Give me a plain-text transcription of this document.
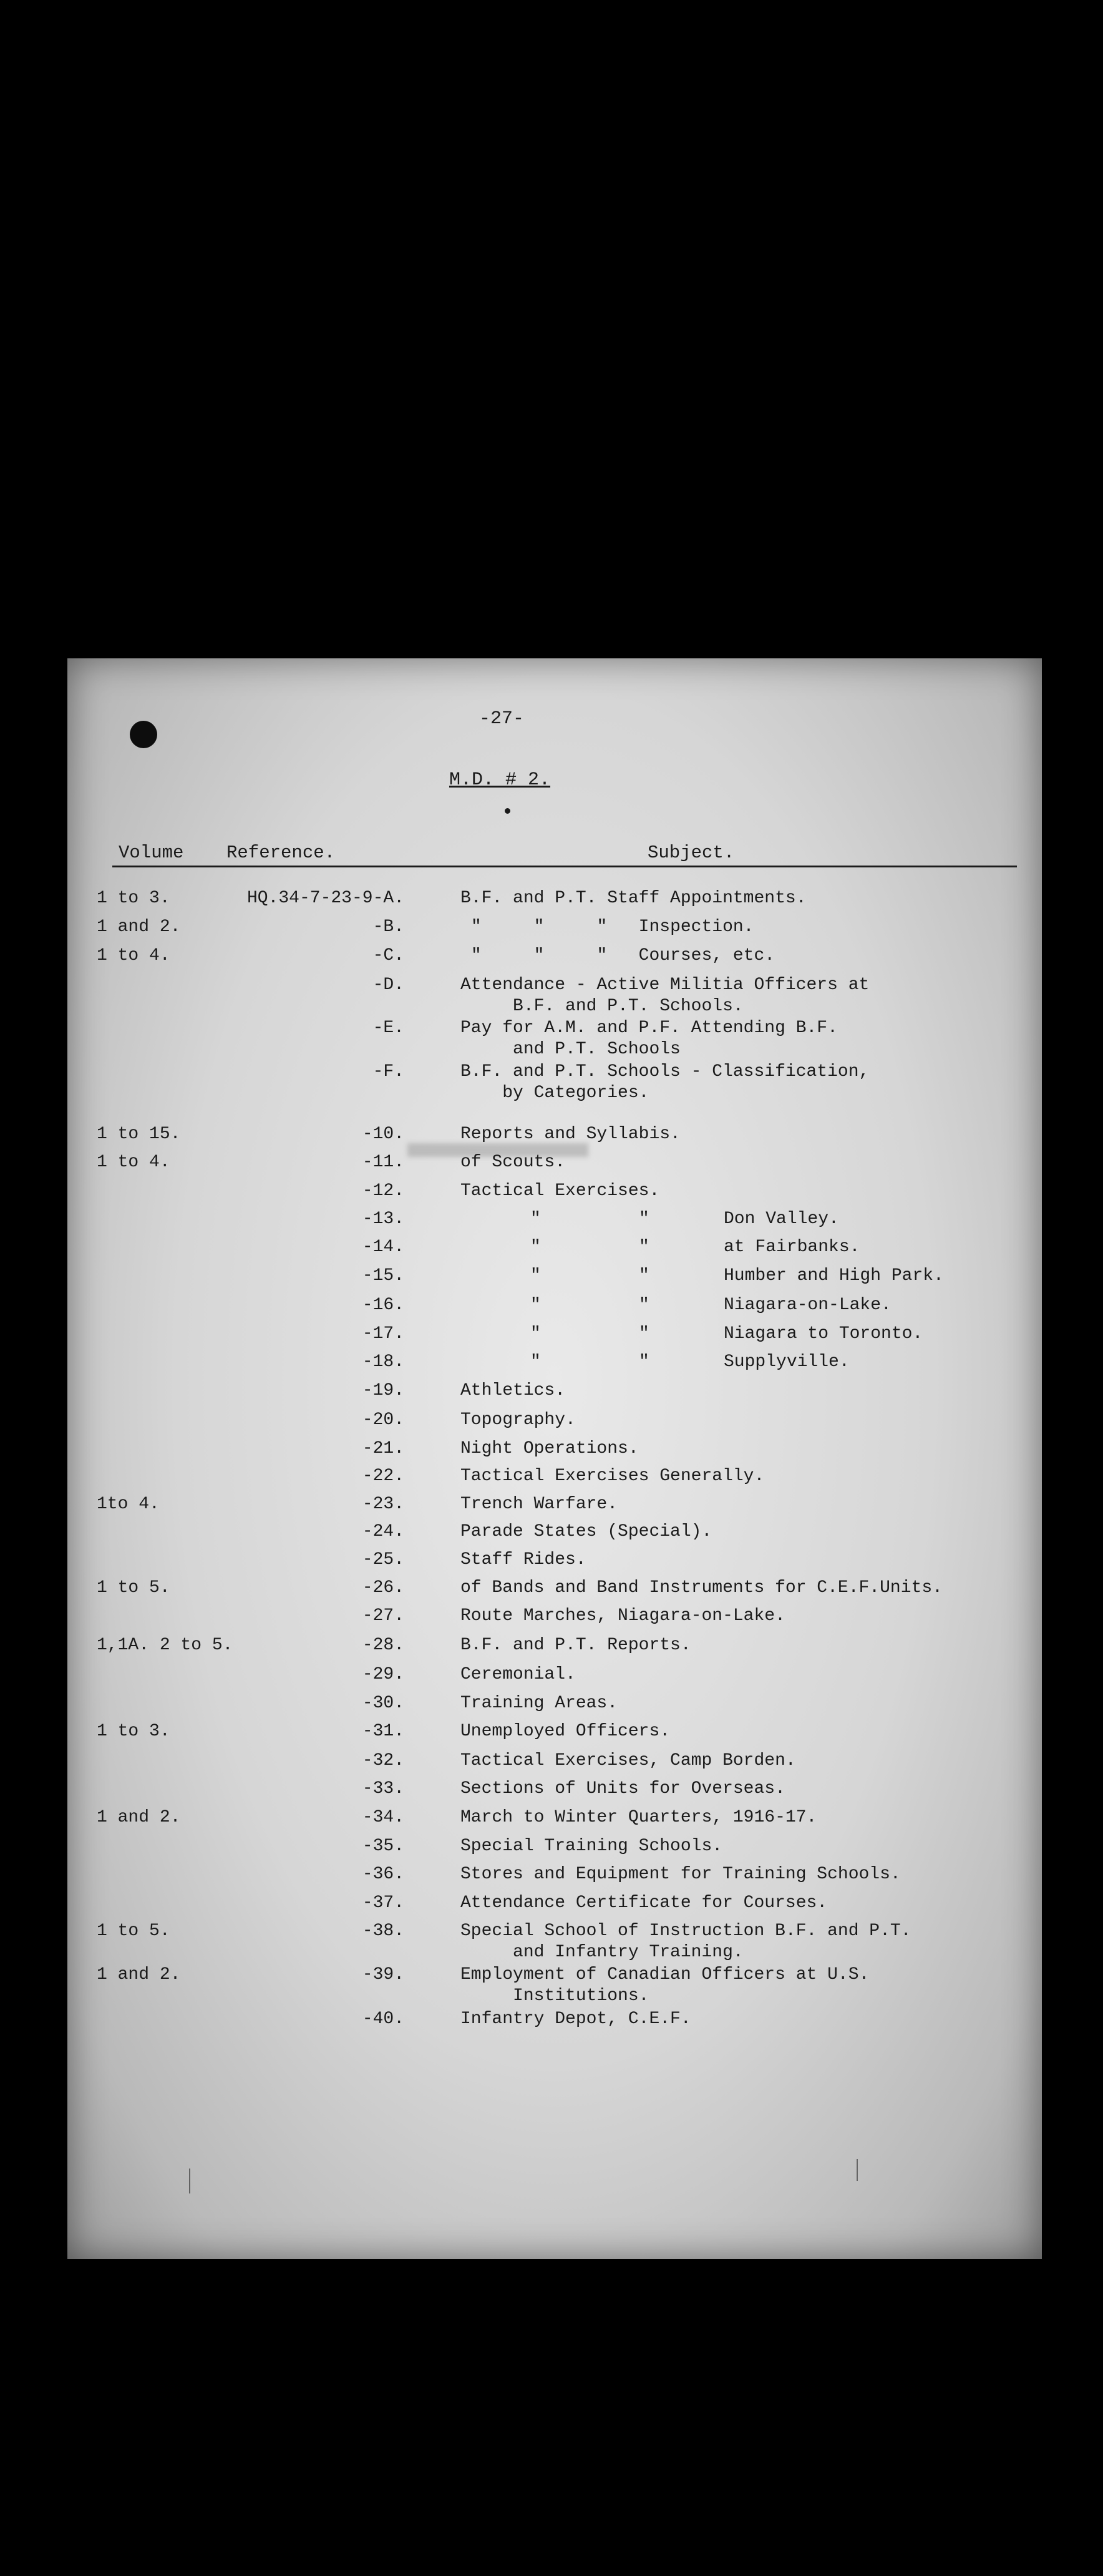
-27-
M.D. # 2.
Volume Reference.	Subject.
1 to 3.	HQ.34-7-23-9-A.	B.F. and P.T. Staff Appointments.
1 and 2.	-B.	"     "     "   Inspection.
1 to 4.	-C.	"     "     "   Courses, etc.
-D.	Attendance - Active Militia Officers at
B.F. and P.T. Schools.
-E.	Pay for A.M. and P.F. Attending B.F.
and P.T. Schools
-F.	B.F. and P.T. Schools - Classification,
by Categories.
1 to 15.	-10.	Reports and Syllabis.
1 to 4.	-11.	of Scouts.
-12.	Tactical Exercises.
-13.	"	"	Don Valley.
-14.	"	"	at Fairbanks.
-15.	"	"	Humber and High Park.
-16.	"	"	Niagara-on-Lake.
-17.	"	"	Niagara to Toronto.
-18.	"	"	Supplyville.
-19.	Athletics.
-20.	Topography.
-21.	Night Operations.
-22.	Tactical Exercises Generally.
1to 4.	-23.	Trench Warfare.
-24.	Parade States (Special).
-25.	Staff Rides.
1 to 5.	-26.	of Bands and Band Instruments for C.E.F.Units.
-27.	Route Marches, Niagara-on-Lake.
1,1A. 2 to 5.	-28.	B.F. and P.T. Reports.
-29.	Ceremonial.
-30.	Training Areas.
1 to 3.	-31.	Unemployed Officers.
-32.	Tactical Exercises, Camp Borden.
-33.	Sections of Units for Overseas.
1 and 2.	-34.	March to Winter Quarters, 1916-17.
-35.	Special Training Schools.
-36.	Stores and Equipment for Training Schools.
-37.	Attendance Certificate for Courses.
1 to 5.	-38.	Special School of Instruction B.F. and P.T.
and Infantry Training.
1 and 2.	-39.	Employment of Canadian Officers at U.S.
Institutions.
-40.	Infantry Depot, C.E.F.
